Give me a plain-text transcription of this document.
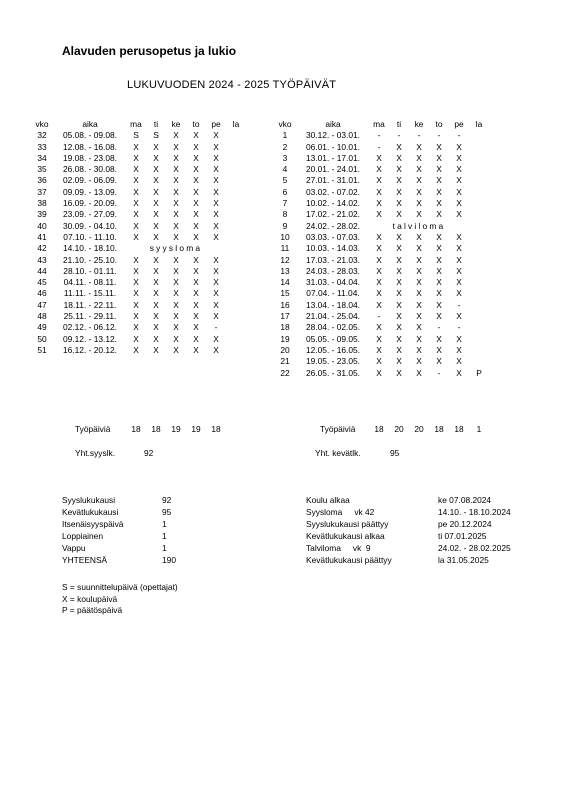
Alavuden perusopetus ja lukio
LUKUVUODEN 2024 - 2025 TYÖPÄIVÄT
vko	aika	ma	ti	ke	to	pe	la
32	05.08. - 09.08.	S	S	X	X	X	
33	12.08. - 16.08.	X	X	X	X	X	
34	19.08. - 23.08.	X	X	X	X	X	
35	26.08. - 30.08.	X	X	X	X	X	
36	02.09. - 06.09.	X	X	X	X	X	
37	09.09. - 13.09.	X	X	X	X	X	
38	16.09. - 20.09.	X	X	X	X	X	
39	23.09. - 27.09.	X	X	X	X	X	
40	30.09. - 04.10.	X	X	X	X	X	
41	07.10. - 11.10.	X	X	X	X	X	
42	14.10. - 18.10.	syysloma					
43	21.10. - 25.10.	X	X	X	X	X	
44	28.10. - 01.11.	X	X	X	X	X	
45	04.11. - 08.11.	X	X	X	X	X	
46	11.11. - 15.11.	X	X	X	X	X	
47	18.11. - 22.11.	X	X	X	X	X	
48	25.11. - 29.11.	X	X	X	X	X	
49	02.12. - 06.12.	X	X	X	X	-	
50	09.12. - 13.12.	X	X	X	X	X	
51	16.12. - 20.12.	X	X	X	X	X	
vko	aika	ma	ti	ke	to	pe	la
1	30.12. - 03.01.	-	-	-	-	-	
2	06.01. - 10.01.	-	X	X	X	X	
3	13.01. - 17.01.	X	X	X	X	X	
4	20.01. - 24.01.	X	X	X	X	X	
5	27.01. - 31.01.	X	X	X	X	X	
6	03.02. - 07.02.	X	X	X	X	X	
7	10.02. - 14.02.	X	X	X	X	X	
8	17.02. - 21.02.	X	X	X	X	X	
9	24.02. - 28.02.	talviloma					
10	03.03. - 07.03.	X	X	X	X	X	
11	10.03. - 14.03.	X	X	X	X	X	
12	17.03. - 21.03.	X	X	X	X	X	
13	24.03. - 28.03.	X	X	X	X	X	
14	31.03. - 04.04.	X	X	X	X	X	
15	07.04. - 11.04.	X	X	X	X	X	
16	13.04. - 18.04.	X	X	X	X	-	
17	21.04. - 25.04.	-	X	X	X	X	
18	28.04. - 02.05.	X	X	X	-	-	
19	05.05. - 09.05.	X	X	X	X	X	
20	12.05. - 16.05.	X	X	X	X	X	
21	19.05. - 23.05.	X	X	X	X	X	
22	26.05. - 31.05.	X	X	X	-	X	P
Työpäiviä	18	18	19	19	18	Työpäiviä	18	20	20	18	18	1
Yht.syyslk.	92	Yht. kevätlk.	95
Syyslukukausi	92
Kevätlukukausi	95
Itsenäisyyspäivä	1
Loppiainen	1
Vappu	1
YHTEENSÄ	190
Koulu alkaa	ke 07.08.2024
Syysloma vk 42	14.10. - 18.10.2024
Syyslukukausi päättyy	pe 20.12.2024
Kevätlukukausi alkaa	ti 07.01.2025
Talviloma vk  9	24.02. - 28.02.2025
Kevätlukukausi päättyy	la 31.05.2025
S = suunnittelupäivä (opettajat)
X = koulupäivä
P = päätöspäivä
